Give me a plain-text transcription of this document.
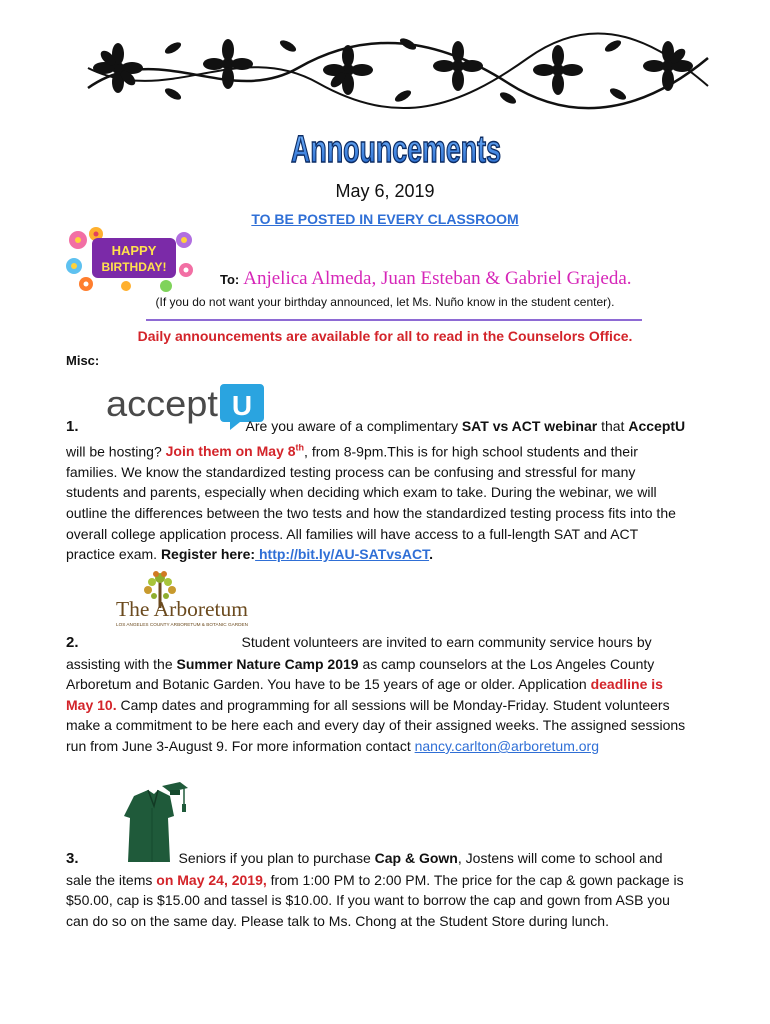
Announcements
May 6, 2019
TO BE POSTED IN EVERY CLASSROOM
HAPPY
BIRTHDAY!
To: Anjelica Almeda, Juan Esteban & Gabriel Grajeda.
(If you do not want your birthday announced, let Ms. Nuño know in the student center).
Daily announcements are available for all to read in the Counselors Office.
Misc:
accept U
1.	Are you aware of a complimentary SAT vs ACT webinar that AcceptU will be hosting? Join them on May 8th, from 8-9pm.This is for high school students and their families. We know the standardized testing process can be confusing and stressful for many students and parents, especially when deciding which exam to take. During the webinar, we will outline the differences between the two tests and how the standardized testing process fits into the overall college application process. All families will have access to a full-length SAT and ACT practice exam. Register here: http://bit.ly/AU-SATvsACT.
The Arboretum
LOS ANGELES COUNTY ARBORETUM & BOTANIC GARDEN
2.	Student volunteers are invited to earn community service hours by assisting with the Summer Nature Camp 2019 as camp counselors at the Los Angeles County Arboretum and Botanic Garden. You have to be 15 years of age or older. Application deadline is May 10. Camp dates and programming for all sessions will be Monday-Friday. Student volunteers make a commitment to be here each and every day of their assigned weeks. The assigned sessions run from June 3-August 9. For more information contact nancy.carlton@arboretum.org
3.	Seniors if you plan to purchase Cap & Gown, Jostens will come to school and sale the items on May 24, 2019, from 1:00 PM to 2:00 PM. The price for the cap & gown package is $50.00, cap is $15.00 and tassel is $10.00. If you want to borrow the cap and gown from ASB you can do so on the same day. Please talk to Ms. Chong at the Student Store during lunch.
